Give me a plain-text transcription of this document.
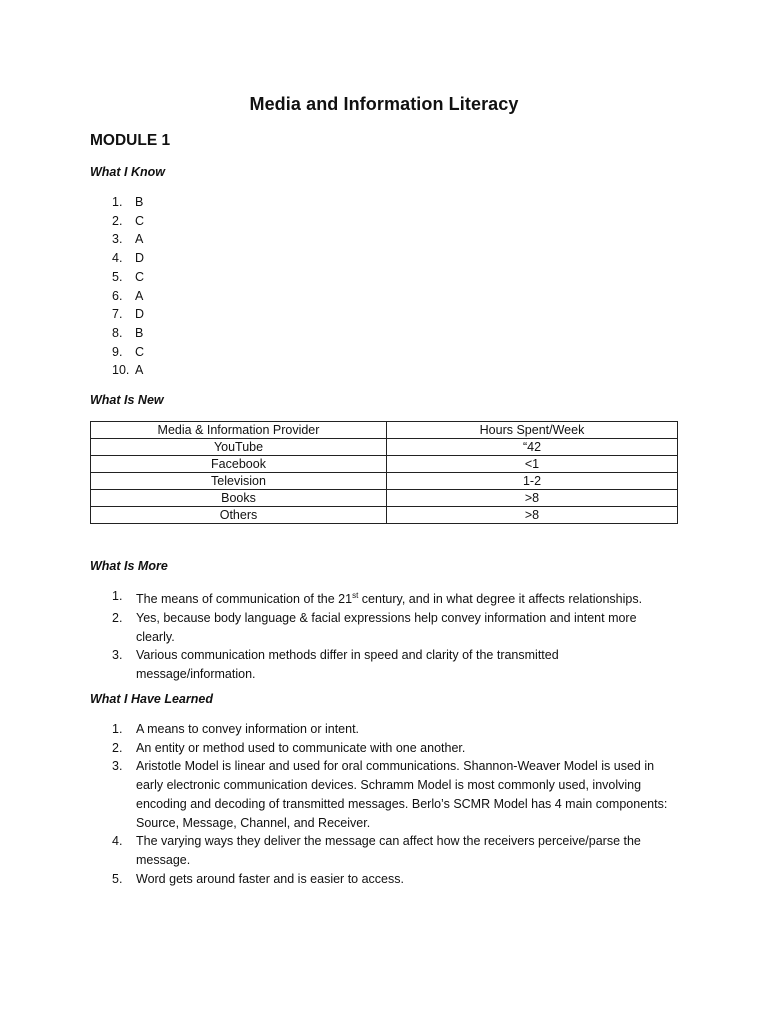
Media and Information Literacy
MODULE 1
What I Know
1. B
2. C
3. A
4. D
5. C
6. A
7. D
8. B
9. C
10. A
What Is New
Media & Information Provider	Hours Spent/Week
YouTube	“42
Facebook	<1
Television	1-2
Books	>8
Others	>8
What Is More
1. The means of communication of the 21st century, and in what degree it affects relationships.
2. Yes, because body language & facial expressions help convey information and intent more clearly.
3. Various communication methods differ in speed and clarity of the transmitted message/information.
What I Have Learned
1. A means to convey information or intent.
2. An entity or method used to communicate with one another.
3. Aristotle Model is linear and used for oral communications. Shannon-Weaver Model is used in early electronic communication devices. Schramm Model is most commonly used, involving encoding and decoding of transmitted messages. Berlo’s SCMR Model has 4 main components: Source, Message, Channel, and Receiver.
4. The varying ways they deliver the message can affect how the receivers perceive/parse the message.
5. Word gets around faster and is easier to access.
